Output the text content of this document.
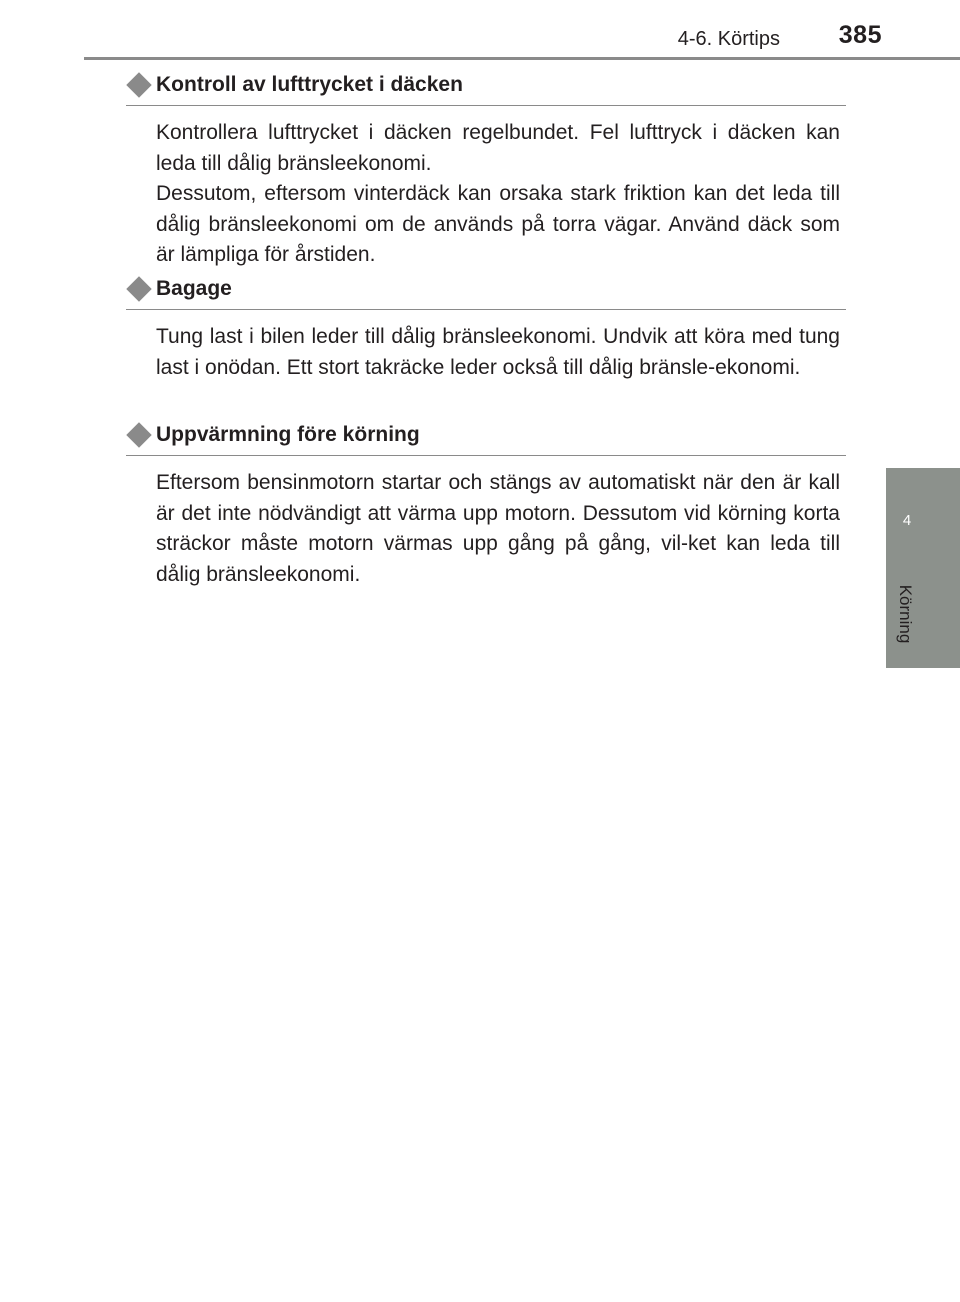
4-6. Körtips	385
4
Körning
Kontroll av lufttrycket i däcken

Kontrollera lufttrycket i däcken regelbundet. Fel lufttryck i däcken kan leda till dålig bränsleekonomi.

Dessutom, eftersom vinterdäck kan orsaka stark friktion kan det leda till dålig bränsleekonomi om de används på torra vägar. Använd däck som är lämpliga för årstiden.

Bagage

Tung last i bilen leder till dålig bränsleekonomi. Undvik att köra med tung last i onödan. Ett stort takräcke leder också till dålig bränsle-ekonomi.

Uppvärmning före körning

Eftersom bensinmotorn startar och stängs av automatiskt när den är kall är det inte nödvändigt att värma upp motorn. Dessutom vid körning korta sträckor måste motorn värmas upp gång på gång, vil-ket kan leda till dålig bränsleekonomi.
